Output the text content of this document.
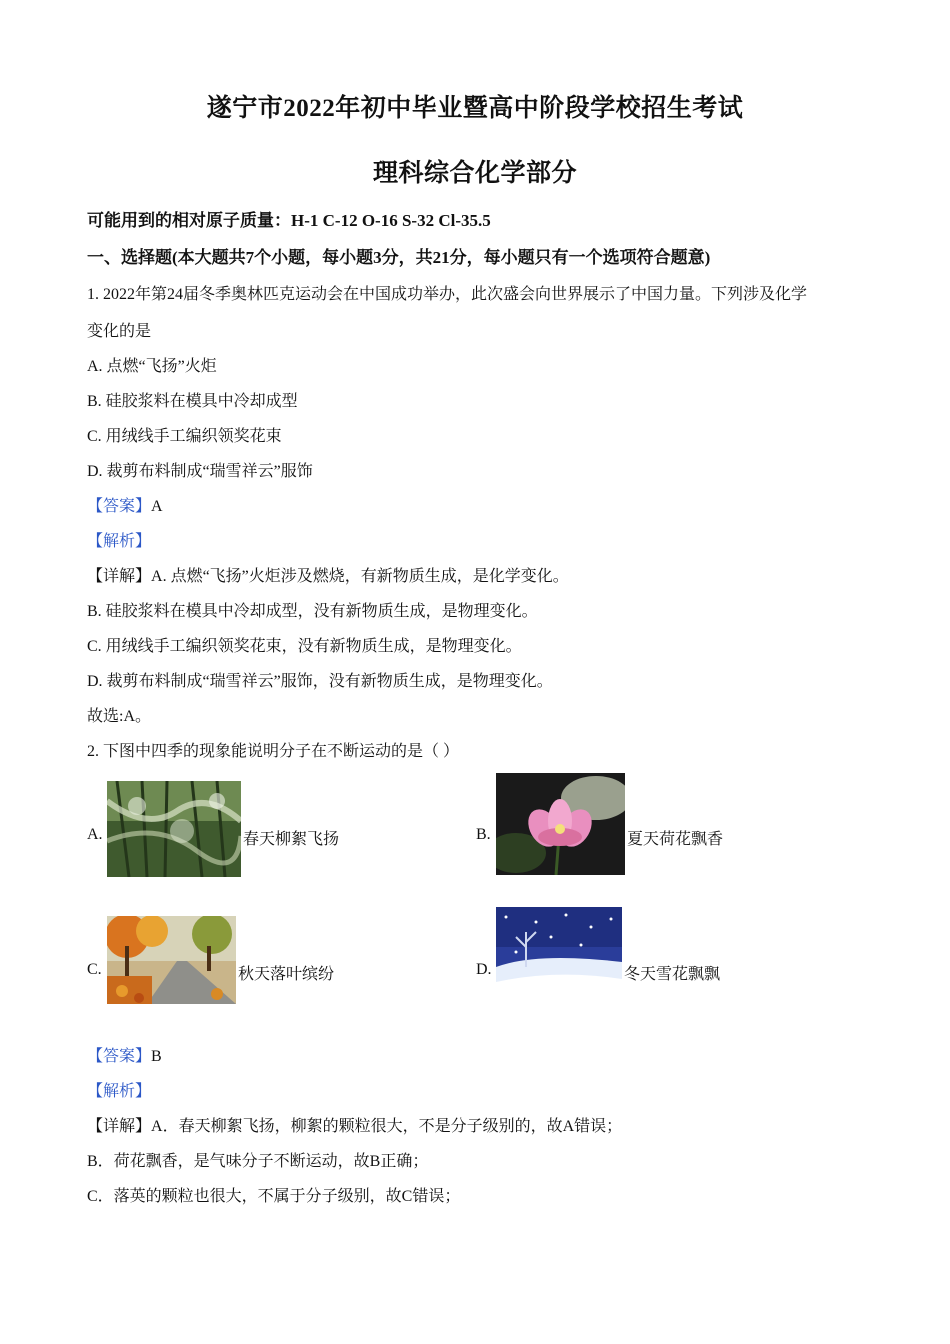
遂宁市2022年初中毕业暨高中阶段学校招生考试
理科综合化学部分
可能用到的相对原子质量：H-1 C-12 O-16 S-32 Cl-35.5
一、选择题(本大题共7个小题，每小题3分，共21分，每小题只有一个选项符合题意)
1. 2022年第24届冬季奥林匹克运动会在中国成功举办，此次盛会向世界展示了中国力量。下列涉及化学
变化的是
A. 点燃“飞扬”火炬
B. 硅胶浆料在模具中冷却成型
C. 用绒线手工编织领奖花束
D. 裁剪布料制成“瑞雪祥云”服饰
【答案】A
【解析】
【详解】A. 点燃“飞扬”火炬涉及燃烧，有新物质生成，是化学变化。
B. 硅胶浆料在模具中冷却成型，没有新物质生成，是物理变化。
C. 用绒线手工编织领奖花束，没有新物质生成，是物理变化。
D. 裁剪布料制成“瑞雪祥云”服饰，没有新物质生成，是物理变化。
故选:A。
2. 下图中四季的现象能说明分子在不断运动的是（ ）
A.	春天柳絮飞扬	B.	夏天荷花飘香
C.	秋天落叶缤纷	D.	冬天雪花飘飘
【答案】B
【解析】
【详解】A．春天柳絮飞扬，柳絮的颗粒很大，不是分子级别的，故A错误；
B．荷花飘香，是气味分子不断运动，故B正确；
C．落英的颗粒也很大，不属于分子级别，故C错误；
